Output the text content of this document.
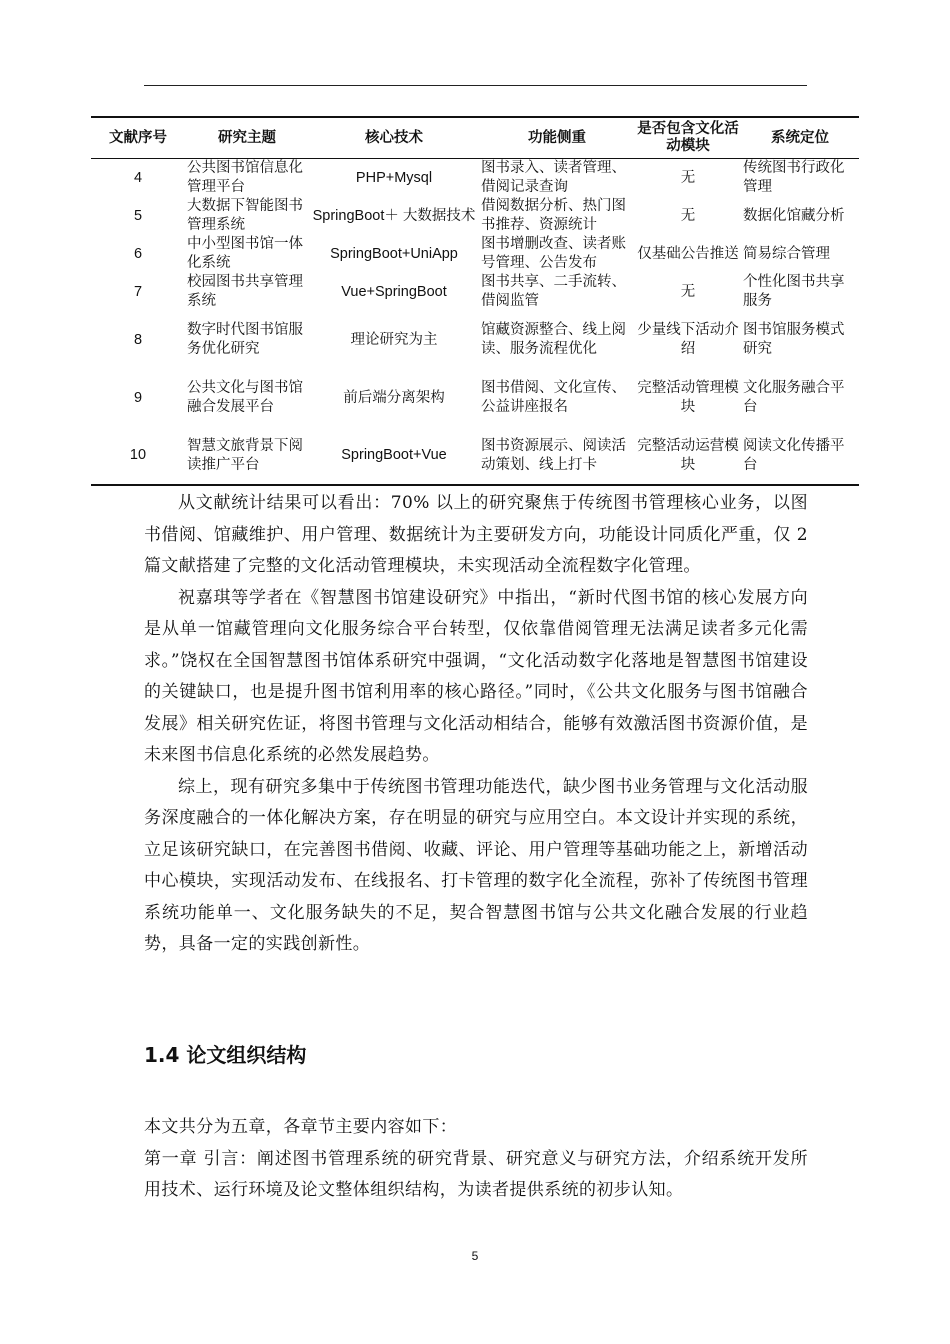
文献序号	研究主题	核心技术	功能侧重	是否包含文化活动模块	系统定位
4	公共图书馆信息化管理平台	PHP+Mysql	图书录入、读者管理、借阅记录查询	无	传统图书行政化管理
5	大数据下智能图书管理系统	SpringBoot＋ 大数据技术	借阅数据分析、热门图书推荐、资源统计	无	数据化馆藏分析
6	中小型图书馆一体化系统	SpringBoot+UniApp	图书增删改查、读者账号管理、公告发布	仅基础公告推送	简易综合管理
7	校园图书共享管理系统	Vue+SpringBoot	图书共享、二手流转、借阅监管	无	个性化图书共享服务
8	数字时代图书馆服务优化研究	理论研究为主	馆藏资源整合、线上阅读、服务流程优化	少量线下活动介绍	图书馆服务模式研究
9	公共文化与图书馆融合发展平台	前后端分离架构	图书借阅、文化宣传、公益讲座报名	完整活动管理模块	文化服务融合平台
10	智慧文旅背景下阅读推广平台	SpringBoot+Vue	图书资源展示、阅读活动策划、线上打卡	完整活动运营模块	阅读文化传播平台

从文献统计结果可以看出：70% 以上的研究聚焦于传统图书管理核心业务，以图书借阅、馆藏维护、用户管理、数据统计为主要研发方向，功能设计同质化严重，仅 2 篇文献搭建了完整的文化活动管理模块，未实现活动全流程数字化管理。

祝嘉琪等学者在《智慧图书馆建设研究》中指出，“新时代图书馆的核心发展方向是从单一馆藏管理向文化服务综合平台转型，仅依靠借阅管理无法满足读者多元化需求。”饶权在全国智慧图书馆体系研究中强调，“文化活动数字化落地是智慧图书馆建设的关键缺口，也是提升图书馆利用率的核心路径。”同时，《公共文化服务与图书馆融合发展》相关研究佐证，将图书管理与文化活动相结合，能够有效激活图书资源价值，是未来图书信息化系统的必然发展趋势。

综上，现有研究多集中于传统图书管理功能迭代，缺少图书业务管理与文化活动服务深度融合的一体化解决方案，存在明显的研究与应用空白。本文设计并实现的系统，立足该研究缺口，在完善图书借阅、收藏、评论、用户管理等基础功能之上，新增活动中心模块，实现活动发布、在线报名、打卡管理的数字化全流程，弥补了传统图书管理系统功能单一、文化服务缺失的不足，契合智慧图书馆与公共文化融合发展的行业趋势，具备一定的实践创新性。

1.4 论文组织结构

本文共分为五章，各章节主要内容如下：

第一章 引言：阐述图书管理系统的研究背景、研究意义与研究方法，介绍系统开发所用技术、运行环境及论文整体组织结构，为读者提供系统的初步认知。

5
